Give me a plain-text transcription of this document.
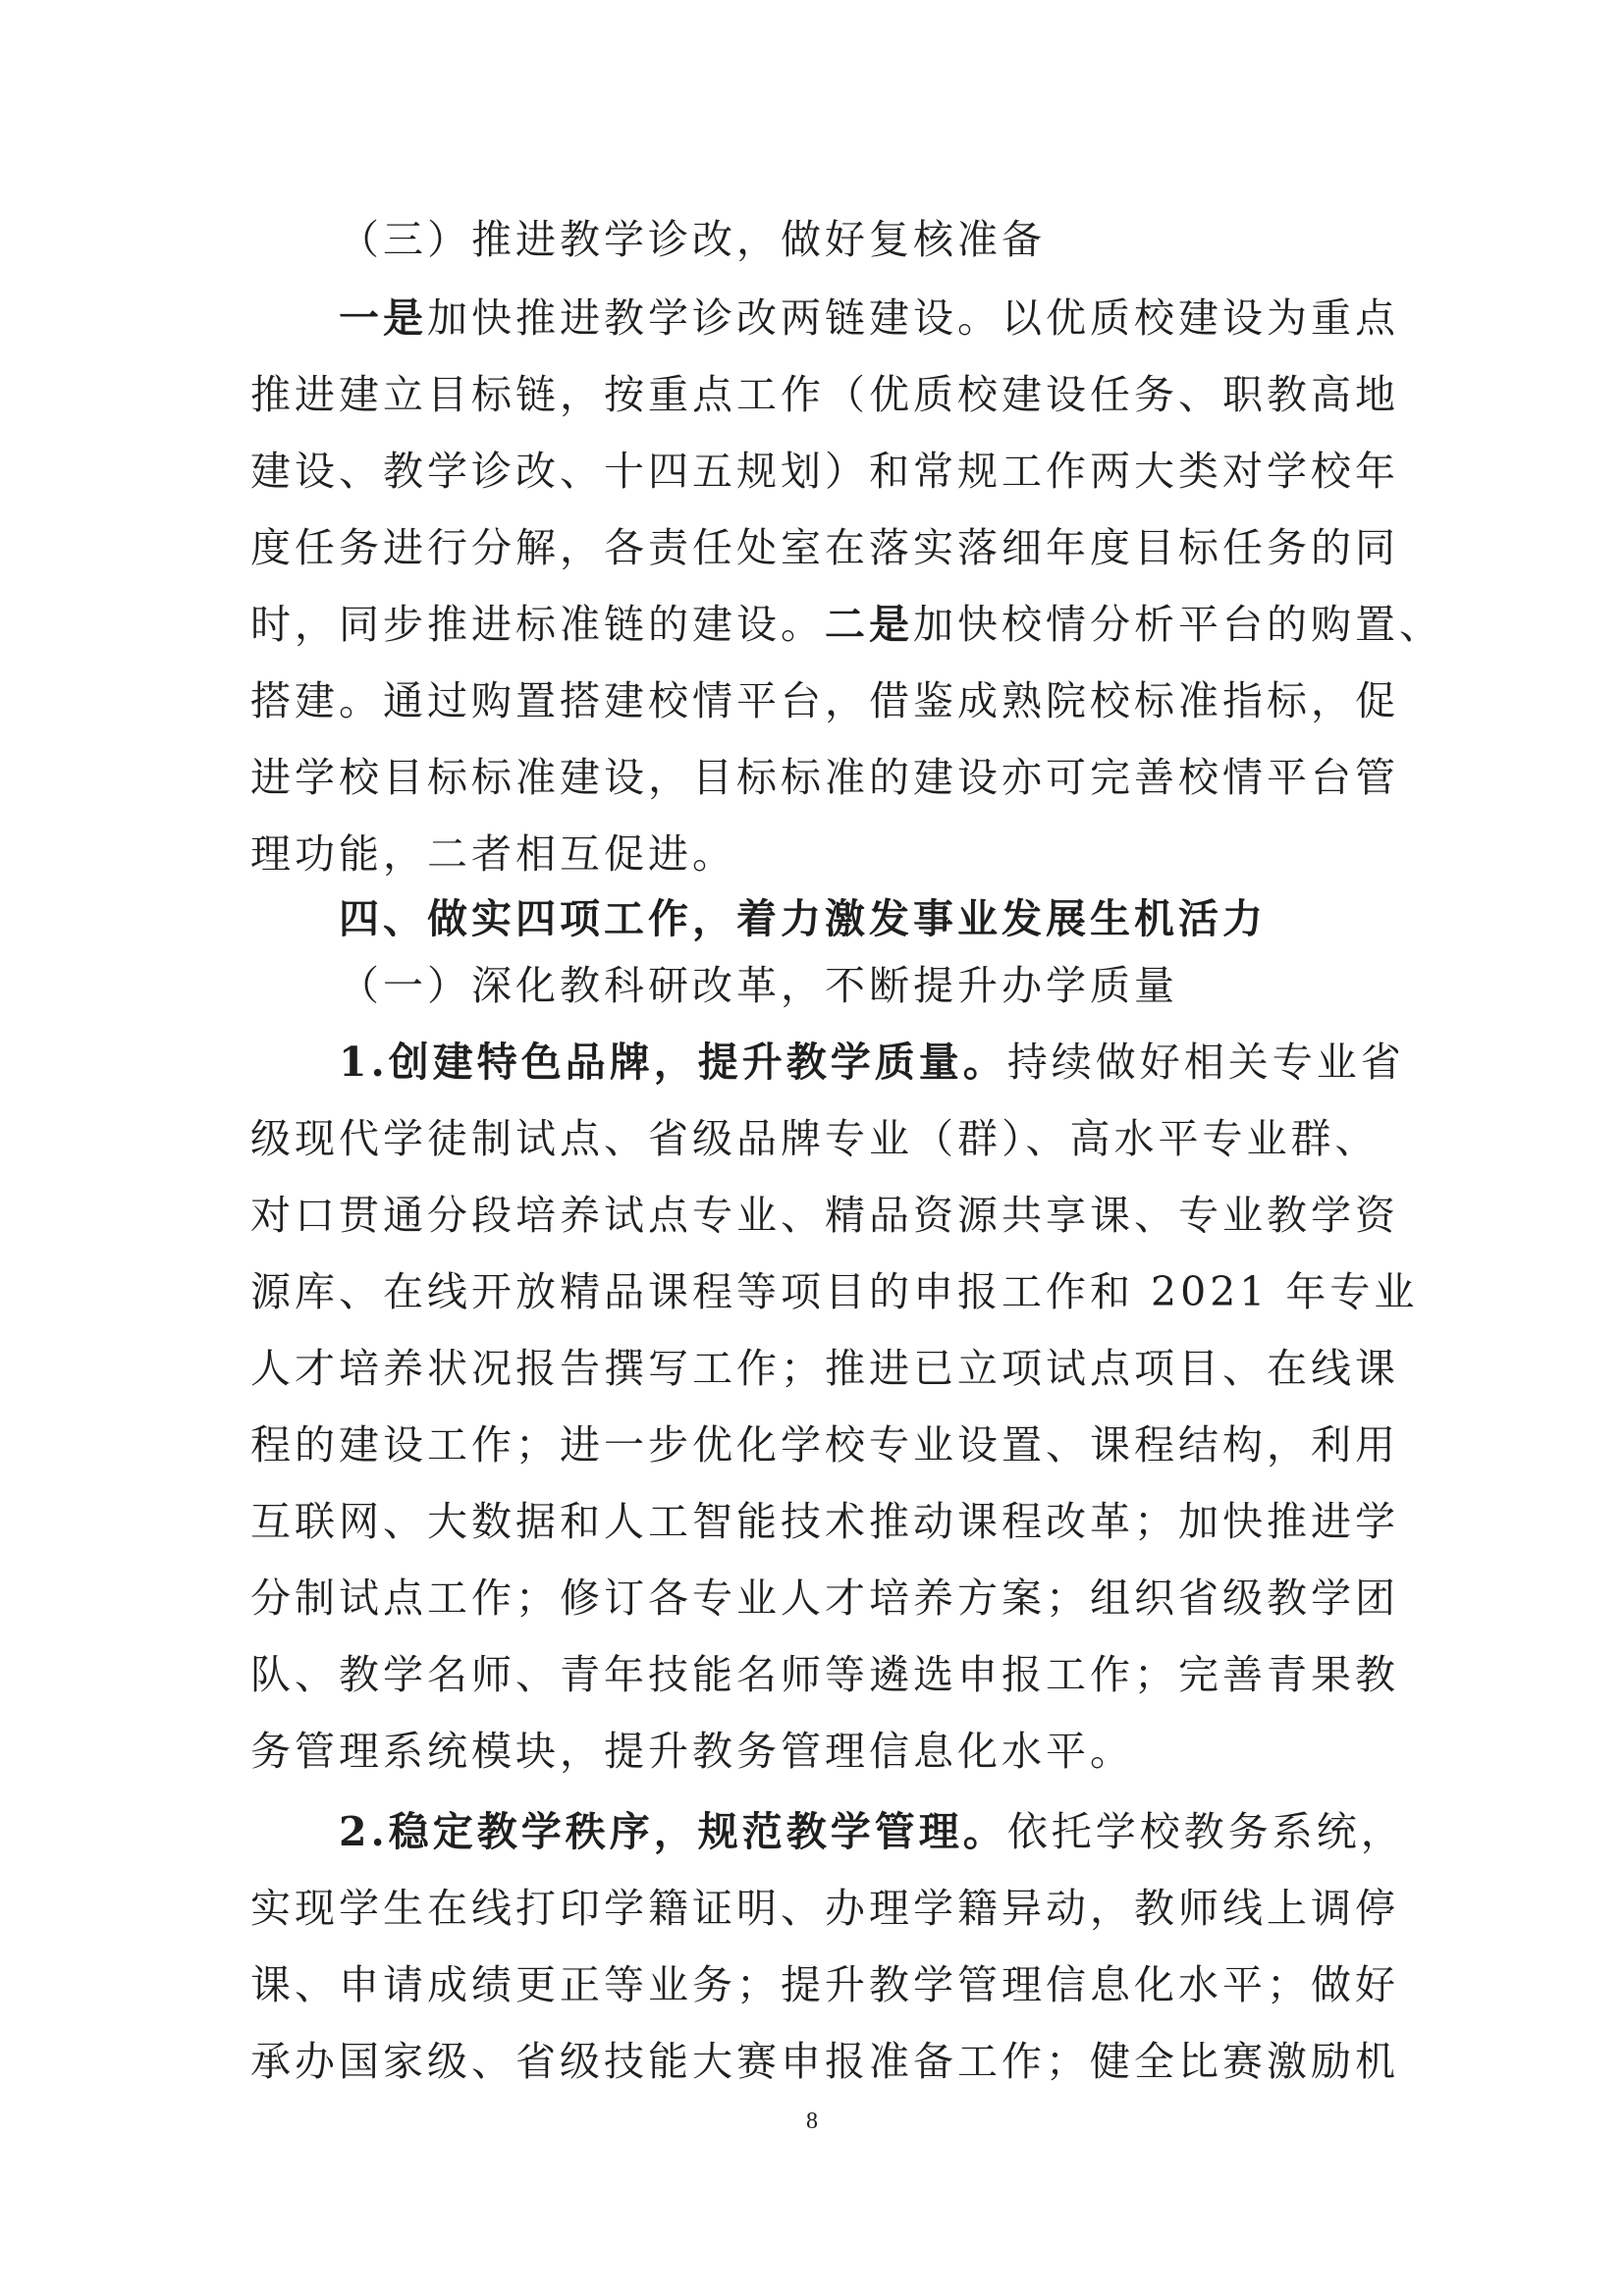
（三）推进教学诊改，做好复核准备
一是加快推进教学诊改两链建设。以优质校建设为重点
推进建立目标链，按重点工作（优质校建设任务、职教高地
建设、教学诊改、十四五规划）和常规工作两大类对学校年
度任务进行分解，各责任处室在落实落细年度目标任务的同
时，同步推进标准链的建设。二是加快校情分析平台的购置、
搭建。通过购置搭建校情平台，借鉴成熟院校标准指标，促
进学校目标标准建设，目标标准的建设亦可完善校情平台管
理功能，二者相互促进。
四、做实四项工作，着力激发事业发展生机活力
（一）深化教科研改革，不断提升办学质量
1.创建特色品牌，提升教学质量。持续做好相关专业省
级现代学徒制试点、省级品牌专业（群）、高水平专业群、
对口贯通分段培养试点专业、精品资源共享课、专业教学资
源库、在线开放精品课程等项目的申报工作和 2021 年专业
人才培养状况报告撰写工作；推进已立项试点项目、在线课
程的建设工作；进一步优化学校专业设置、课程结构，利用
互联网、大数据和人工智能技术推动课程改革；加快推进学
分制试点工作；修订各专业人才培养方案；组织省级教学团
队、教学名师、青年技能名师等遴选申报工作；完善青果教
务管理系统模块，提升教务管理信息化水平。
2.稳定教学秩序，规范教学管理。依托学校教务系统，
实现学生在线打印学籍证明、办理学籍异动，教师线上调停
课、申请成绩更正等业务；提升教学管理信息化水平；做好
承办国家级、省级技能大赛申报准备工作；健全比赛激励机
8
